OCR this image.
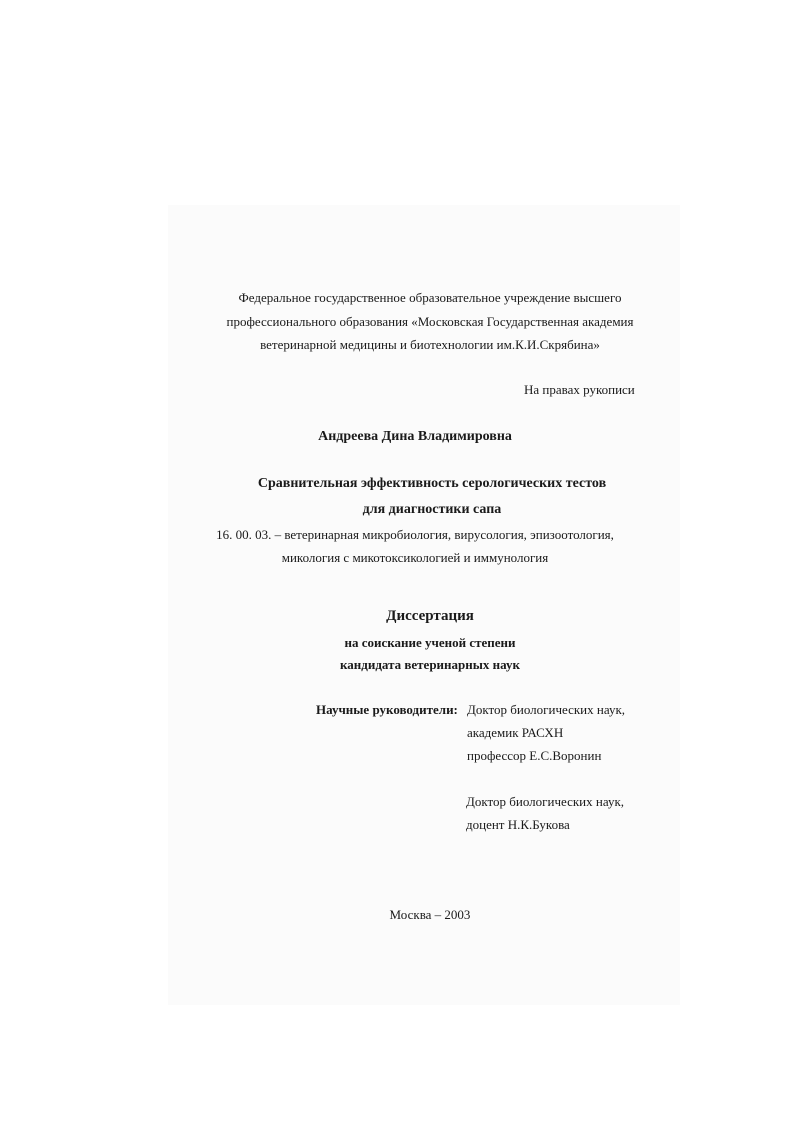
Федеральное государственное образовательное учреждение высшего
профессионального образования «Московская Государственная академия
ветеринарной медицины и биотехнологии им.К.И.Скрябина»
На правах рукописи
Андреева Дина Владимировна
Сравнительная эффективность серологических тестов
для диагностики сапа
16. 00. 03. – ветеринарная микробиология, вирусология, эпизоотология,
микология с микотоксикологией и иммунология
Диссертация
на соискание ученой степени
кандидата ветеринарных наук
Научные руководители: Доктор биологических наук,
академик РАСХН
профессор Е.С.Воронин
Доктор биологических наук,
доцент Н.К.Букова
Москва – 2003
